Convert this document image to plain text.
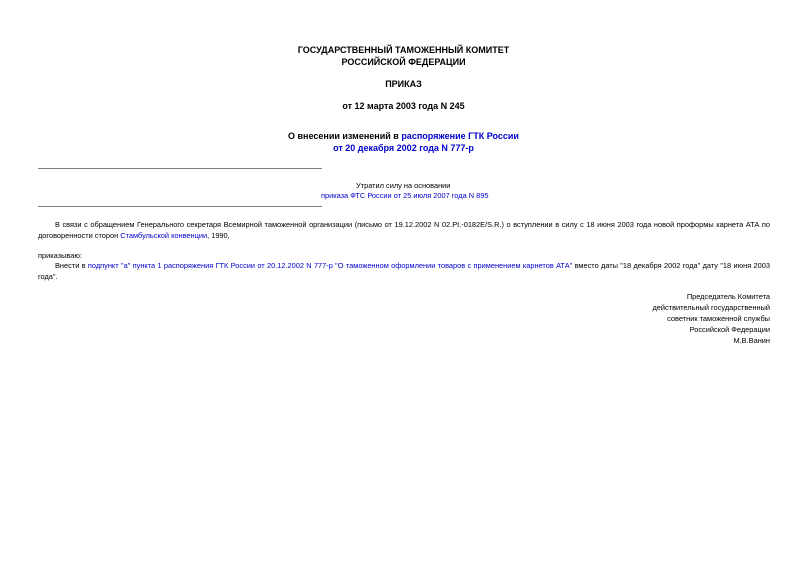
ГОСУДАРСТВЕННЫЙ ТАМОЖЕННЫЙ КОМИТЕТ
РОССИЙСКОЙ ФЕДЕРАЦИИ
ПРИКАЗ
от 12 марта 2003 года N 245
О внесении изменений в распоряжение ГТК России
от 20 декабря 2002 года N 777-р
Утратил силу на основании
приказа ФТС России от 25 июля 2007 года N 895
В связи с обращением Генерального секретаря Всемирной таможенной организации (письмо от 19.12.2002 N 02.PI.-0182E/S.R.) о вступлении в силу с 18 июня 2003 года новой проформы карнета АТА по договоренности сторон Стамбульской конвенции, 1990,
приказываю:
Внести в подпункт "а" пункта 1 распоряжения ГТК России от 20.12.2002 N 777-р "О таможенном оформлении товаров с применением карнетов АТА" вместо даты "18 декабря 2002 года" дату "18 июня 2003 года".
Председатель Комитета
действительный государственный
советник таможенной службы
Российской Федерации
М.В.Ванин
